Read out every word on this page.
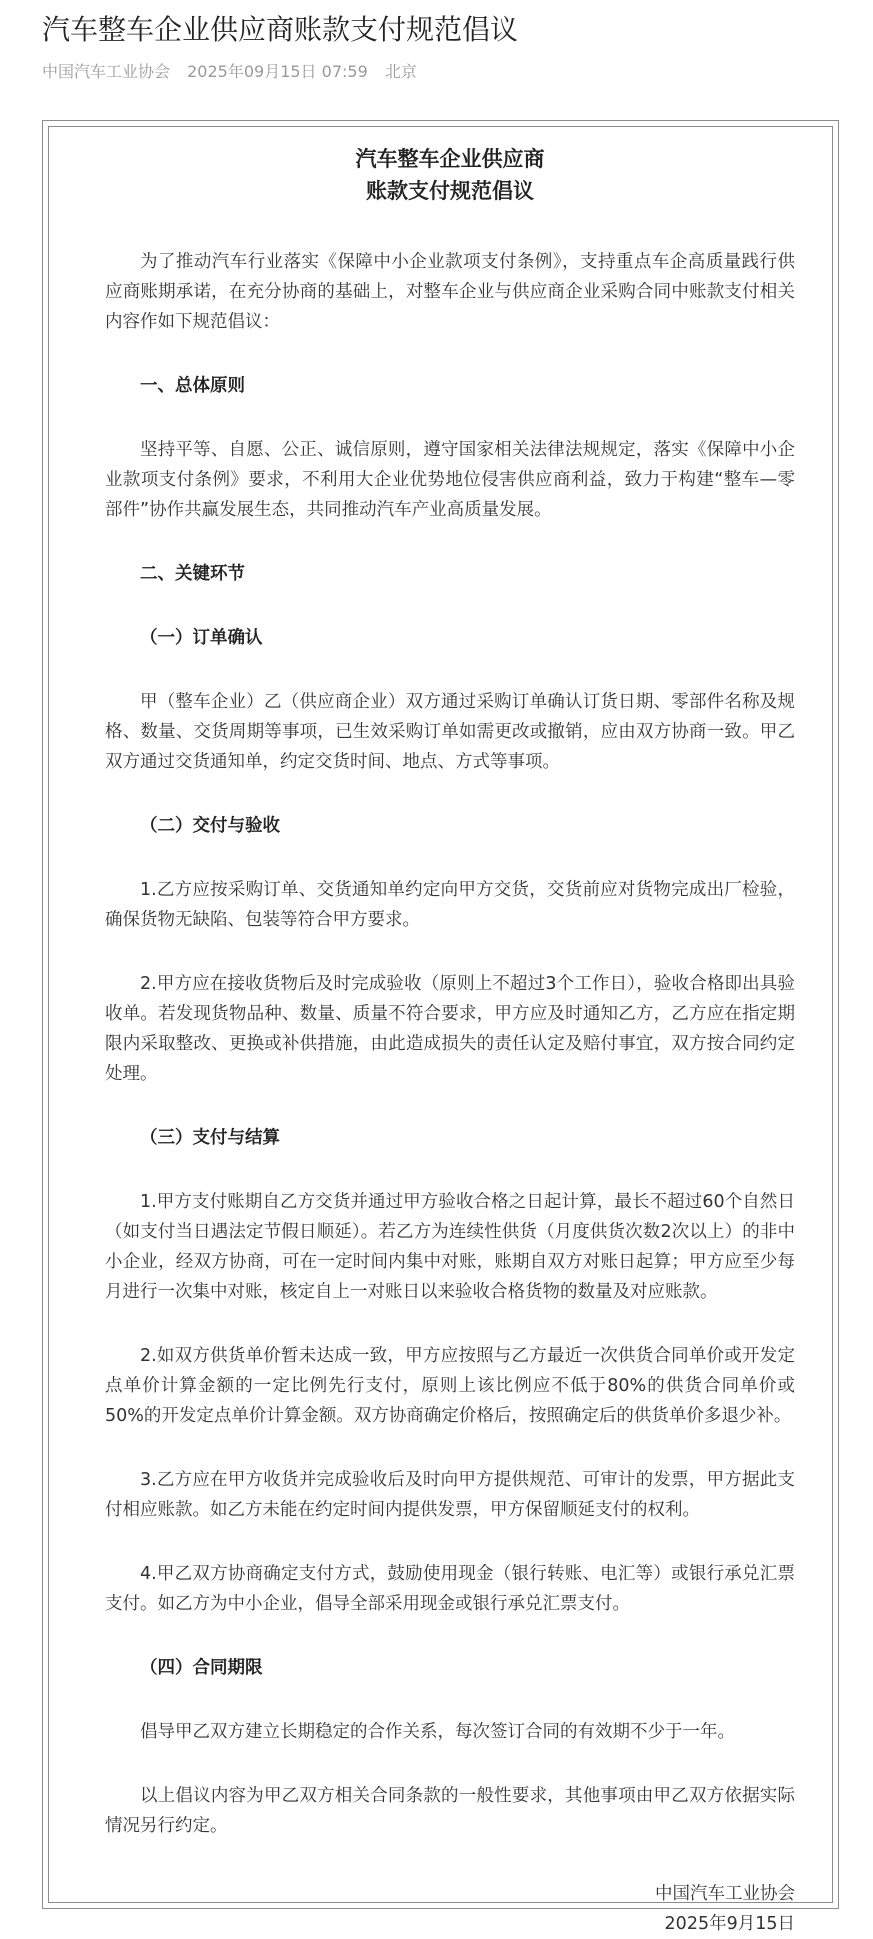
汽车整车企业供应商账款支付规范倡议
中国汽车工业协会 2025年09月15日 07:59 北京
汽车整车企业供应商
账款支付规范倡议

为了推动汽车行业落实《保障中小企业款项支付条例》，支持重点车企高质量践行供应商账期承诺，在充分协商的基础上，对整车企业与供应商企业采购合同中账款支付相关内容作如下规范倡议：

一、总体原则

坚持平等、自愿、公正、诚信原则，遵守国家相关法律法规规定，落实《保障中小企业款项支付条例》要求，不利用大企业优势地位侵害供应商利益，致力于构建“整车—零部件”协作共赢发展生态，共同推动汽车产业高质量发展。

二、关键环节

（一）订单确认

甲（整车企业）乙（供应商企业）双方通过采购订单确认订货日期、零部件名称及规格、数量、交货周期等事项，已生效采购订单如需更改或撤销，应由双方协商一致。甲乙双方通过交货通知单，约定交货时间、地点、方式等事项。

（二）交付与验收

1.乙方应按采购订单、交货通知单约定向甲方交货，交货前应对货物完成出厂检验，确保货物无缺陷、包装等符合甲方要求。

2.甲方应在接收货物后及时完成验收（原则上不超过3个工作日），验收合格即出具验收单。若发现货物品种、数量、质量不符合要求，甲方应及时通知乙方，乙方应在指定期限内采取整改、更换或补供措施，由此造成损失的责任认定及赔付事宜，双方按合同约定处理。

（三）支付与结算

1.甲方支付账期自乙方交货并通过甲方验收合格之日起计算，最长不超过60个自然日（如支付当日遇法定节假日顺延）。若乙方为连续性供货（月度供货次数2次以上）的非中小企业，经双方协商，可在一定时间内集中对账，账期自双方对账日起算；甲方应至少每月进行一次集中对账，核定自上一对账日以来验收合格货物的数量及对应账款。

2.如双方供货单价暂未达成一致，甲方应按照与乙方最近一次供货合同单价或开发定点单价计算金额的一定比例先行支付，原则上该比例应不低于80%的供货合同单价或50%的开发定点单价计算金额。双方协商确定价格后，按照确定后的供货单价多退少补。

3.乙方应在甲方收货并完成验收后及时向甲方提供规范、可审计的发票，甲方据此支付相应账款。如乙方未能在约定时间内提供发票，甲方保留顺延支付的权利。

4.甲乙双方协商确定支付方式，鼓励使用现金（银行转账、电汇等）或银行承兑汇票支付。如乙方为中小企业，倡导全部采用现金或银行承兑汇票支付。

（四）合同期限

倡导甲乙双方建立长期稳定的合作关系，每次签订合同的有效期不少于一年。

以上倡议内容为甲乙双方相关合同条款的一般性要求，其他事项由甲乙双方依据实际情况另行约定。

中国汽车工业协会
2025年9月15日
